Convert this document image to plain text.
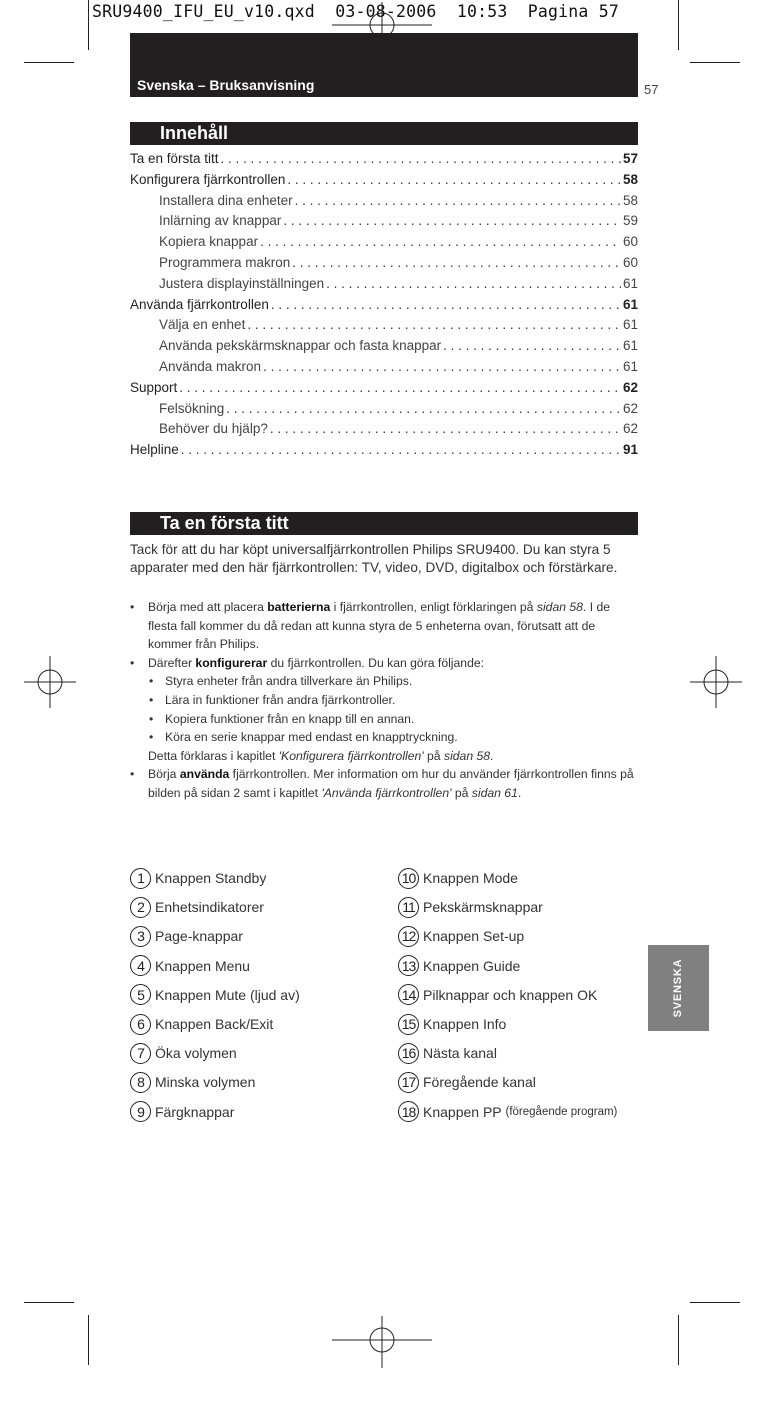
SRU9400_IFU_EU_v10.qxd  03-08-2006  10:53  Pagina 57
Svenska – Bruksanvisning	57
Innehåll
Ta en första titt . . .	57
Konfigurera fjärrkontrollen . . .	58
Installera dina enheter . . .	58
Inlärning av knappar . . .	59
Kopiera knappar . . .	60
Programmera makron . . .	60
Justera displayinställningen . . .	61
Använda fjärrkontrollen . . .	61
Välja en enhet . . .	61
Använda pekskärmsknappar och fasta knappar . . .	61
Använda makron . . .	61
Support . . .	62
Felsökning . . .	62
Behöver du hjälp? . . .	62
Helpline . . .	91
Ta en första titt
Tack för att du har köpt universalfjärrkontrollen Philips SRU9400. Du kan styra 5 apparater med den här fjärrkontrollen: TV, video, DVD, digitalbox och förstärkare.
• Börja med att placera batterierna i fjärrkontrollen, enligt förklaringen på sidan 58. I de flesta fall kommer du då redan att kunna styra de 5 enheterna ovan, förutsatt att de kommer från Philips.
• Därefter konfigurerar du fjärrkontrollen. Du kan göra följande:
• Styra enheter från andra tillverkare än Philips.
• Lära in funktioner från andra fjärrkontroller.
• Kopiera funktioner från en knapp till en annan.
• Köra en serie knappar med endast en knapptryckning.
Detta förklaras i kapitlet 'Konfigurera fjärrkontrollen' på sidan 58.
• Börja använda fjärrkontrollen. Mer information om hur du använder fjärrkontrollen finns på bilden på sidan 2 samt i kapitlet 'Använda fjärrkontrollen' på sidan 61.
1 Knappen Standby
2 Enhetsindikatorer
3 Page-knappar
4 Knappen Menu
5 Knappen Mute (ljud av)
6 Knappen Back/Exit
7 Öka volymen
8 Minska volymen
9 Färgknappar
10 Knappen Mode
11 Pekskärmsknappar
12 Knappen Set-up
13 Knappen Guide
14 Pilknappar och knappen OK
15 Knappen Info
16 Nästa kanal
17 Föregående kanal
18 Knappen PP
(föregående program)
SVENSKA
